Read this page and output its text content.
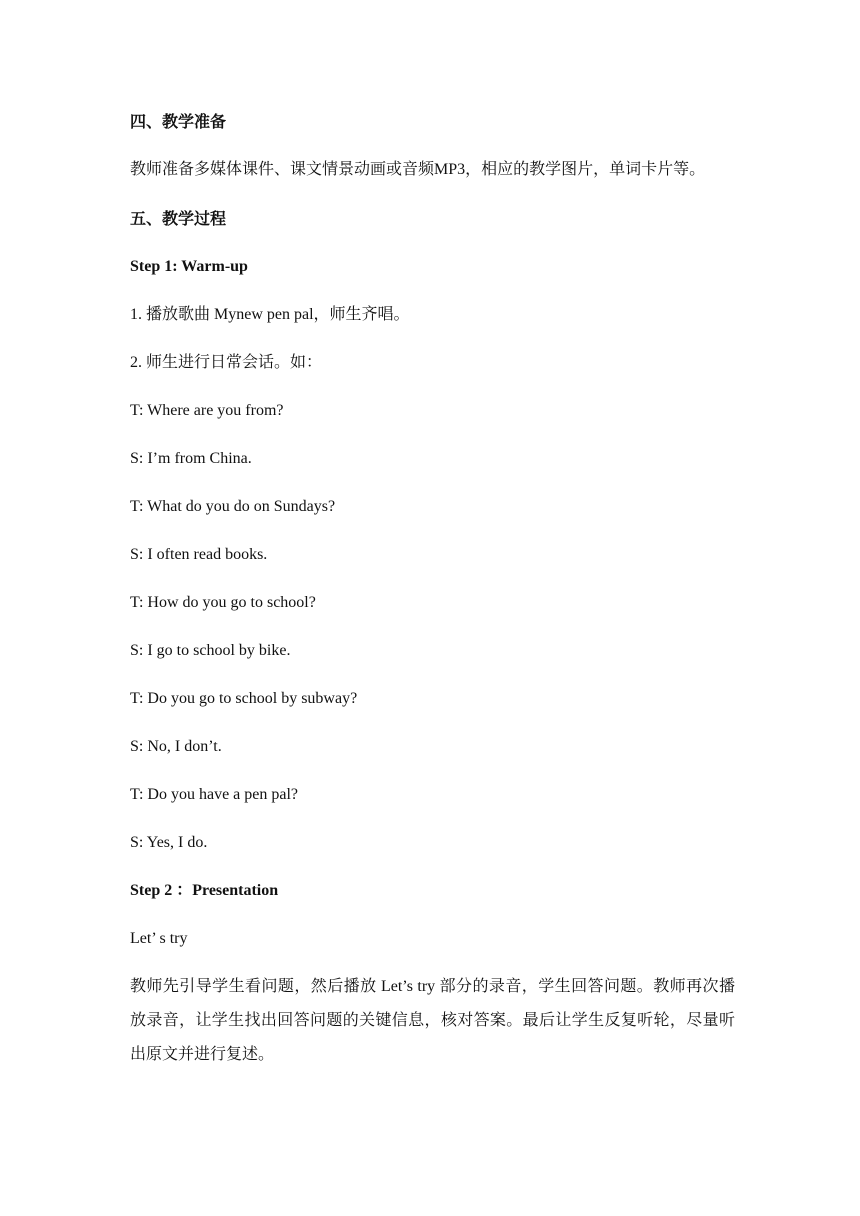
四、教学准备
教师准备多媒体课件、课文情景动画或音频MP3，相应的教学图片，单词卡片等。
五、教学过程
Step 1: Warm-up
1. 播放歌曲 Mynew pen pal，师生齐唱。
2. 师生进行日常会话。如：
T: Where are you from?
S: I’m from China.
T: What do you do on Sundays?
S: I often read books.
T: How do you go to school?
S: I go to school by bike.
T: Do you go to school by subway?
S: No, I don’t.
T: Do you have a pen pal?
S: Yes, I do.
Step 2 ：Presentation
Let’ s try
教师先引导学生看问题，然后播放 Let’s try 部分的录音，学生回答问题。教师再次播放录音，让学生找出回答问题的关键信息，核对答案。最后让学生反复听轮，尽量听出原文并进行复述。
